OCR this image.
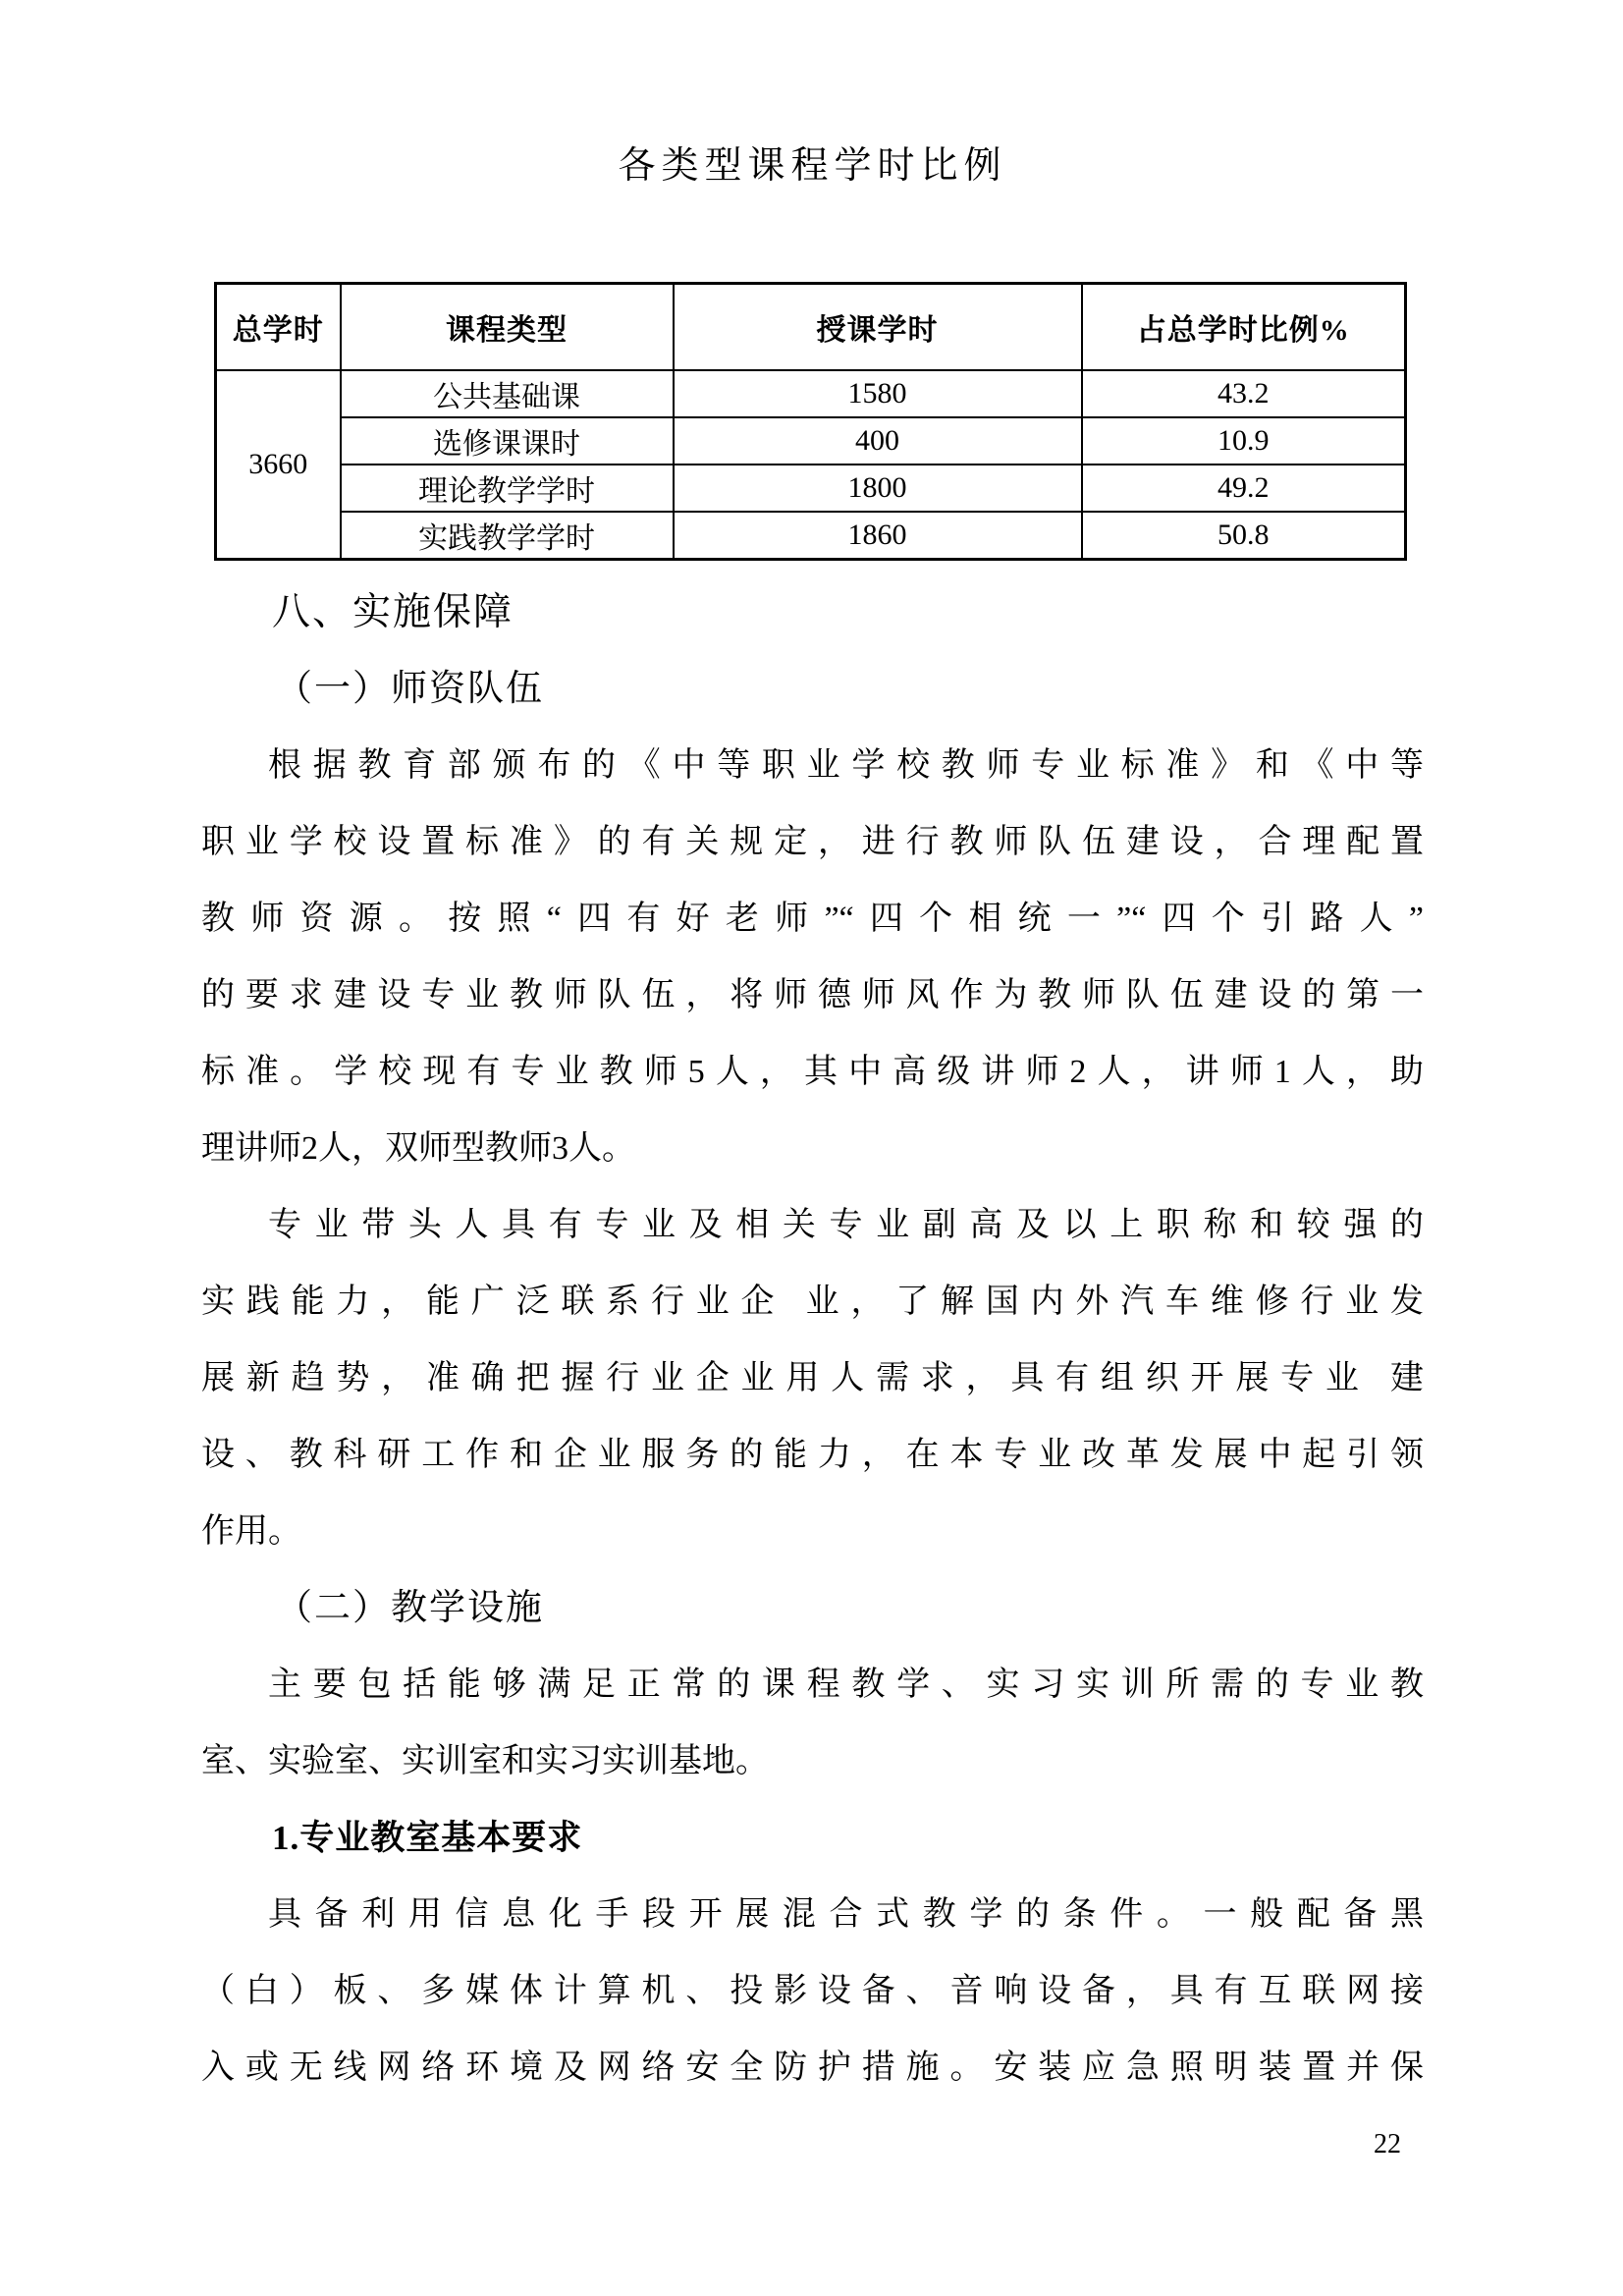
各类型课程学时比例
总学时	课程类型	授课学时	占总学时比例%
3660	公共基础课	1580	43.2
	选修课课时	400	10.9
	理论教学学时	1800	49.2
	实践教学学时	1860	50.8
八、实施保障
（一）师资队伍
根据教育部颁布的《中等职业学校教师专业标准》和《中等
职业学校设置标准》的有关规定，进行教师队伍建设，合理配置
教师资源。按照“四有好老师”“四个相统一”“四个引路人”
的要求建设专业教师队伍，将师德师风作为教师队伍建设的第一
标准。学校现有专业教师5人，其中高级讲师2人，讲师1人，助
理讲师2人，双师型教师3人。
专业带头人具有专业及相关专业副高及以上职称和较强的
实践能力，能广泛联系行业企 业，了解国内外汽车维修行业发
展新趋势，准确把握行业企业用人需求，具有组织开展专业 建
设、教科研工作和企业服务的能力，在本专业改革发展中起引领
作用。
（二）教学设施
主要包括能够满足正常的课程教学、实习实训所需的专业教
室、实验室、实训室和实习实训基地。
1.专业教室基本要求
具备利用信息化手段开展混合式教学的条件。一般配备黑
（白）板、多媒体计算机、投影设备、音响设备，具有互联网接
入或无线网络环境及网络安全防护措施。安装应急照明装置并保
22
